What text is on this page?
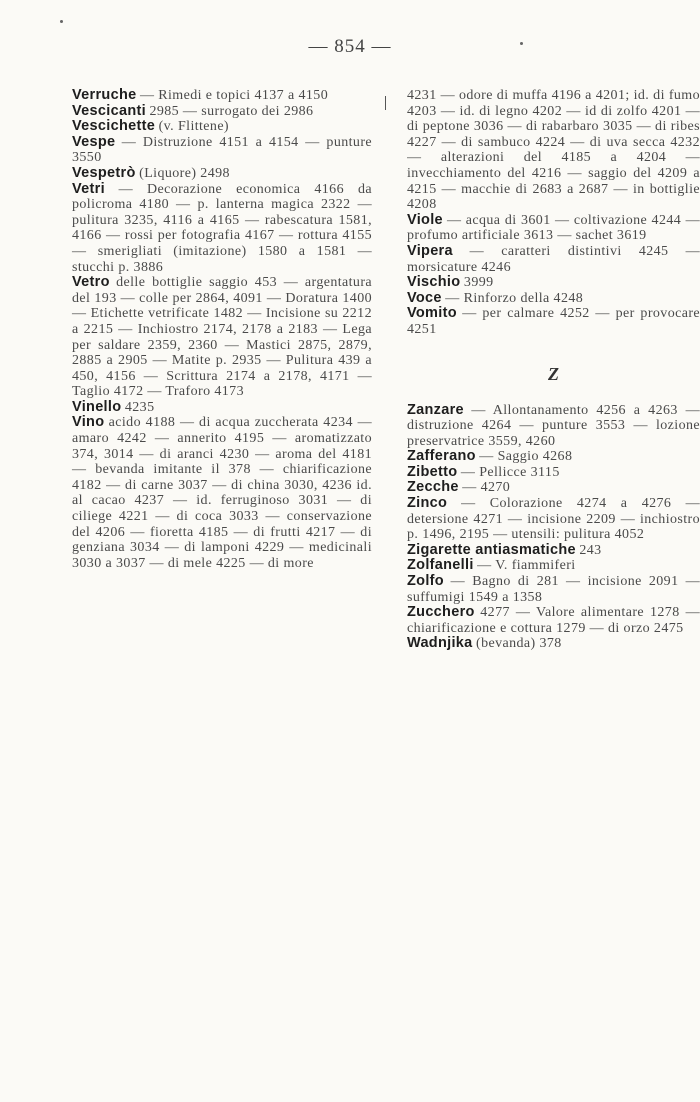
— 854 —
Verruche — Rimedi e topici 4137 a 4150
Vescicanti 2985 — surrogato dei 2986
Vescichette (v. Flittene)
Vespe — Distruzione 4151 a 4154 — punture 3550
Vespetrò (Liquore) 2498
Vetri — Decorazione economica 4166 da policroma 4180 — p. lanterna magica 2322 — pulitura 3235, 4116 a 4165 — rabescatura 1581, 4166 — rossi per fotografia 4167 — rottura 4155 — smerigliati (imitazione) 1580 a 1581 — stucchi p. 3886
Vetro delle bottiglie saggio 453 — argentatura del 193 — colle per 2864, 4091 — Doratura 1400 — Etichette vetrificate 1482 — Incisione su 2212 a 2215 — Inchiostro 2174, 2178 a 2183 — Lega per saldare 2359, 2360 — Mastici 2875, 2879, 2885 a 2905 — Matite p. 2935 — Pulitura 439 a 450, 4156 — Scrittura 2174 a 2178, 4171 — Taglio 4172 — Traforo 4173
Vinello 4235
Vino acido 4188 — di acqua zuccherata 4234 — amaro 4242 — annerito 4195 — aromatizzato 374, 3014 — di aranci 4230 — aroma del 4181 — bevanda imitante il 378 — chiarificazione 4182 — di carne 3037 — di china 3030, 4236 id. al cacao 4237 — id. ferruginoso 3031 — di ciliege 4221 — di coca 3033 — conservazione del 4206 — fioretta 4185 — di frutti 4217 — di genziana 3034 — di lamponi 4229 — medicinali 3030 a 3037 — di mele 4225 — di more
4231 — odore di muffa 4196 a 4201; id. di fumo 4203 — id. di legno 4202 — id di zolfo 4201 — di peptone 3036 — di rabarbaro 3035 — di ribes 4227 — di sambuco 4224 — di uva secca 4232 — alterazioni del 4185 a 4204 — invecchiamento del 4216 — saggio del 4209 a 4215 — macchie di 2683 a 2687 — in bottiglie 4208
Viole — acqua di 3601 — coltivazione 4244 — profumo artificiale 3613 — sachet 3619
Vipera — caratteri distintivi 4245 — morsicature 4246
Vischio 3999
Voce — Rinforzo della 4248
Vomito — per calmare 4252 — per provocare 4251
Z
Zanzare — Allontanamento 4256 a 4263 — distruzione 4264 — punture 3553 — lozione preservatrice 3559, 4260
Zafferano — Saggio 4268
Zibetto — Pellicce 3115
Zecche — 4270
Zinco — Colorazione 4274 a 4276 — detersione 4271 — incisione 2209 — inchiostro p. 1496, 2195 — utensili: pulitura 4052
Zigarette antiasmatiche 243
Zolfanelli — V. fiammiferi
Zolfo — Bagno di 281 — incisione 2091 — suffumigi 1549 a 1358
Zucchero 4277 — Valore alimentare 1278 — chiarificazione e cottura 1279 — di orzo 2475
Wadnjika (bevanda) 378
